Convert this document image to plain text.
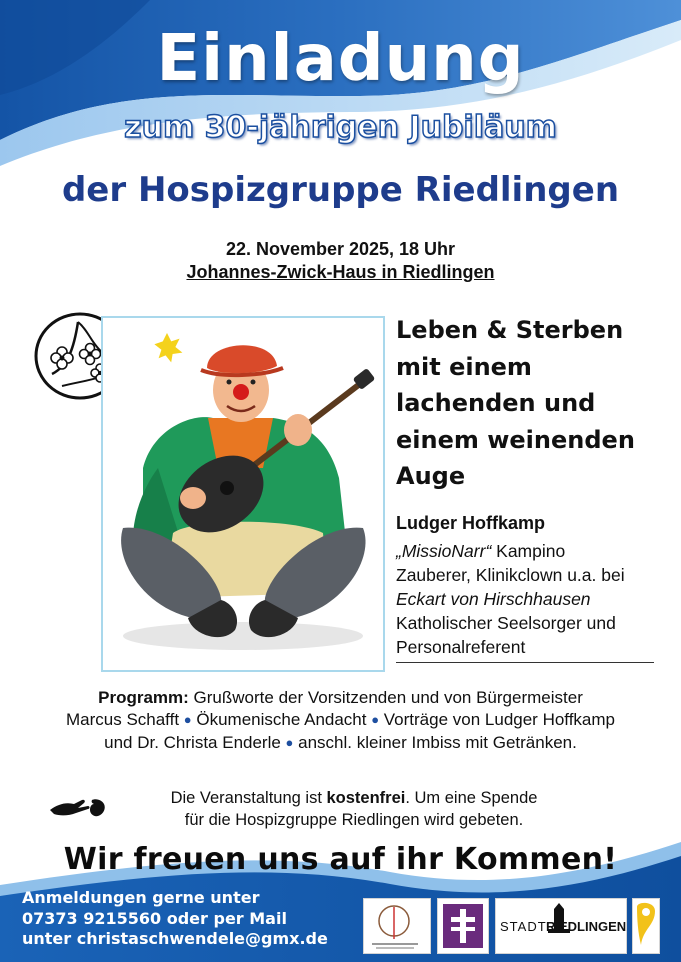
Einladung
zum 30-jährigen Jubiläum
der Hospizgruppe Riedlingen
22. November 2025, 18 Uhr
Johannes-Zwick-Haus in Riedlingen
Leben & Sterben
mit einem
lachenden und
einem weinenden
Auge
Ludger Hoffkamp
„MissioNarr“ Kampino
Zauberer, Klinikclown u.a. bei
Eckart von Hirschhausen
Katholischer Seelsorger und
Personalreferent
Programm: Grußworte der Vorsitzenden und von Bürgermeister
Marcus Schafft ● Ökumenische Andacht ● Vorträge von Ludger Hoffkamp
und Dr. Christa Enderle ● anschl. kleiner Imbiss mit Getränken.
Die Veranstaltung ist kostenfrei. Um eine Spende
für die Hospizgruppe Riedlingen wird gebeten.
Wir freuen uns auf ihr Kommen!
Anmeldungen gerne unter
07373 9215560 oder per Mail
unter christaschwendele@gmx.de
STADT RIEDLINGEN
